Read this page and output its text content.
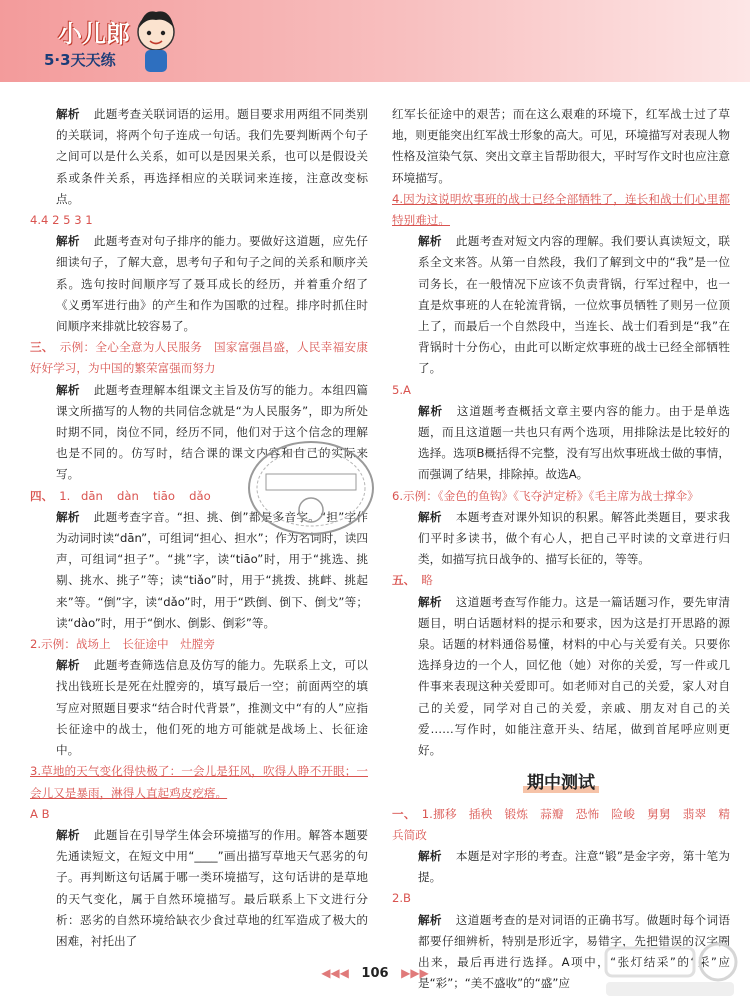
小儿郎
5·3天天练

解析 此题考查关联词语的运用。题目要求用两组不同类别的关联词，将两个句子连成一句话。我们先要判断两个句子之间可以是什么关系，如可以是因果关系，也可以是假设关系或条件关系，再选择相应的关联词来连接，注意改变标点。

4.4 2 5 3 1

解析 此题考查对句子排序的能力。要做好这道题，应先仔细读句子，了解大意，思考句子和句子之间的关系和顺序关系。选句按时间顺序写了聂耳成长的经历，并着重介绍了《义勇军进行曲》的产生和作为国歌的过程。排序时抓住时间顺序来排就比较容易了。

三、 示例：全心全意为人民服务　国家富强昌盛，人民幸福安康　好好学习，为中国的繁荣富强而努力

解析 此题考查理解本组课文主旨及仿写的能力。本组四篇课文所描写的人物的共同信念就是“为人民服务”，即为所处时期不同，岗位不同，经历不同，他们对于这个信念的理解也是不同的。仿写时，结合课的课文内容和自己的实际来写。

四、 1. dān dàn tiāo dǎo

解析 此题考查字音。“担、挑、倒”都是多音字。“担”字作为动词时读“dān”，可组词“担心、担水”；作为名词时，读四声，可组词“担子”。“挑”字，读“tiāo”时，用于“挑选、挑剔、挑水、挑子”等；读“tiǎo”时，用于“挑拨、挑衅、挑起来”等。“倒”字，读“dǎo”时，用于“跌倒、倒下、倒戈”等；读“dào”时，用于“倒水、倒影、倒彩”等。

2.示例：战场上　长征途中　灶膛旁

解析 此题考查筛选信息及仿写的能力。先联系上文，可以找出钱班长是死在灶膛旁的，填写最后一空；前面两空的填写应对照题目要求“结合时代背景”，推测文中“有的人”应指长征途中的战士，他们死的地方可能就是战场上、长征途中。

3.草地的天气变化得快极了：一会儿是狂风，吹得人睁不开眼；一会儿又是暴雨，淋得人直起鸡皮疙瘩。

A B

解析 此题旨在引导学生体会环境描写的作用。解答本题要先通读短文，在短文中用“____”画出描写草地天气恶劣的句子。再判断这句话属于哪一类环境描写，这句话讲的是草地的天气变化，属于自然环境描写。最后联系上下文进行分析：恶劣的自然环境给缺衣少食过草地的红军造成了极大的困难，衬托出了

红军长征途中的艰苦；而在这么艰难的环境下，红军战士过了草地，则更能突出红军战士形象的高大。可见，环境描写对表现人物性格及渲染气氛、突出文章主旨帮助很大，平时写作文时也应注意环境描写。

4.因为这说明炊事班的战士已经全部牺牲了，连长和战士们心里都特别难过。

解析 此题考查对短文内容的理解。我们要认真读短文，联系全文来答。从第一自然段，我们了解到文中的“我”是一位司务长，在一般情况下应该不负责背锅，行军过程中，也一直是炊事班的人在轮流背锅，一位炊事员牺牲了则另一位顶上了，而最后一个自然段中，当连长、战士们看到是“我”在背锅时十分伤心，由此可以断定炊事班的战士已经全部牺牲了。

5.A

解析 这道题考查概括文章主要内容的能力。由于是单选题，而且这道题一共也只有两个选项，用排除法是比较好的选择。选项B概括得不完整，没有写出炊事班战士做的事情，而强调了结果，排除掉。故选A。

6.示例：《金色的鱼钩》《飞夺泸定桥》《毛主席为战士撑伞》

解析 本题考查对课外知识的积累。解答此类题目，要求我们平时多读书，做个有心人，把自己平时读的文章进行归类，如描写抗日战争的、描写长征的，等等。

五、 略

解析 这道题考查写作能力。这是一篇话题习作，要先审清题目，明白话题材料的提示和要求，因为这是打开思路的源泉。话题的材料通俗易懂，材料的中心与关爱有关。只要你选择身边的一个人，回忆他（她）对你的关爱，写一件或几件事来表现这种关爱即可。如老师对自己的关爱，家人对自己的关爱，同学对自己的关爱，亲戚、朋友对自己的关爱……写作时，如能注意开头、结尾，做到首尾呼应则更好。

期中测试

一、 1.挪移　插秧　锻炼　蒜瓣　恐怖　险峻　舅舅　翡翠　精兵简政

解析 本题是对字形的考查。注意“锻”是金字旁，第十笔为提。

2.B

解析 这道题考查的是对词语的正确书写。做题时每个词语都要仔细辨析，特别是形近字，易错字，先把错误的汉字圈出来，最后再进行选择。A项中，“张灯结采”的“采”应是“彩”；“美不盛收”的“盛”应

◀◀◀ 106 ▶▶▶
